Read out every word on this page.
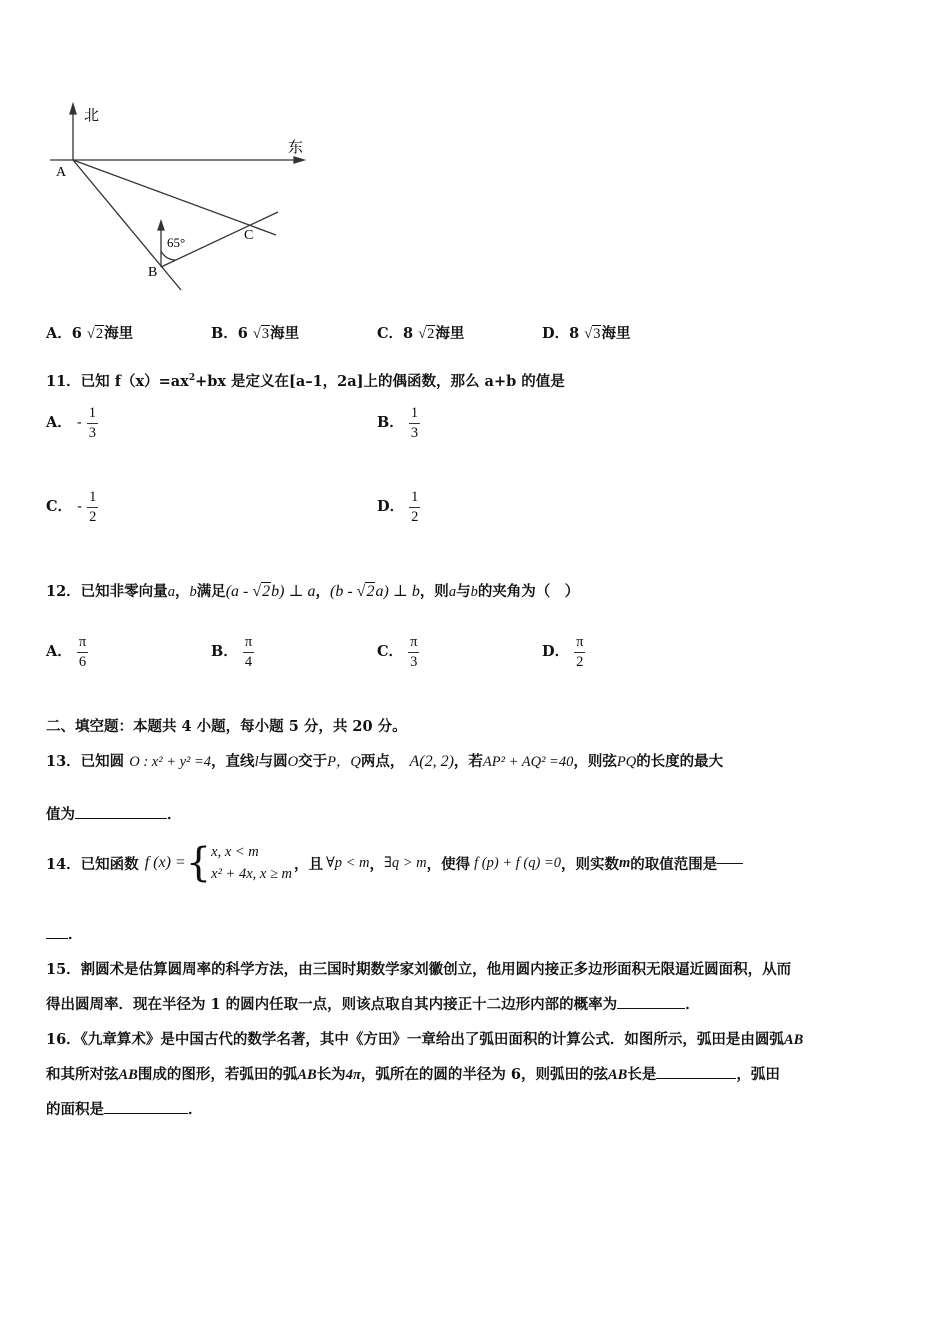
北
东
A
B
C
65°
A．6 √2海里	B．6 √3海里	C．8 √2海里	D．8 √3海里
11．已知 $f(x)=ax^2+bx$ 是定义在[a–1，2a]上的偶函数，那么 a+b 的值是
A． - $\frac{1}{3}$	B． $\frac{1}{3}$
C． - $\frac{1}{2}$	D． $\frac{1}{2}$
12．已知非零向量a，b满足(a - √2b) ⊥ a，(b - √2a) ⊥ b，则a与b的夹角为（　）
A． $\frac{\pi}{6}$	B． $\frac{\pi}{4}$	C． $\frac{\pi}{3}$	D． $\frac{\pi}{2}$
二、填空题：本题共 4 小题，每小题 5 分，共 20 分。
13．已知圆 O : x² + y² =4，直线l与圆O交于P，Q两点， A(2, 2)，若AP² + AQ² =40，则弦PQ的长度的最大
值为	．
14．已知函数 f (x) = { x, x < m
x² + 4x, x ≥ m
，且 ∀p < m ， ∃q > m ，使得 f (p) + f (q) =0 ，则实数 m 的取值范围是
．
15．割圆术是估算圆周率的科学方法，由三国时期数学家刘徽创立，他用圆内接正多边形面积无限逼近圆面积，从而
得出圆周率．现在半径为 1 的圆内任取一点，则该点取自其内接正十二边形内部的概率为	．
16．《九章算术》是中国古代的数学名著，其中《方田》一章给出了弧田面积的计算公式．如图所示，弧田是由圆弧AB
和其所对弦AB围成的图形，若弧田的弧AB长为4π，弧所在的圆的半径为 6，则弧田的弦AB长是	，弧田
的面积是	．
